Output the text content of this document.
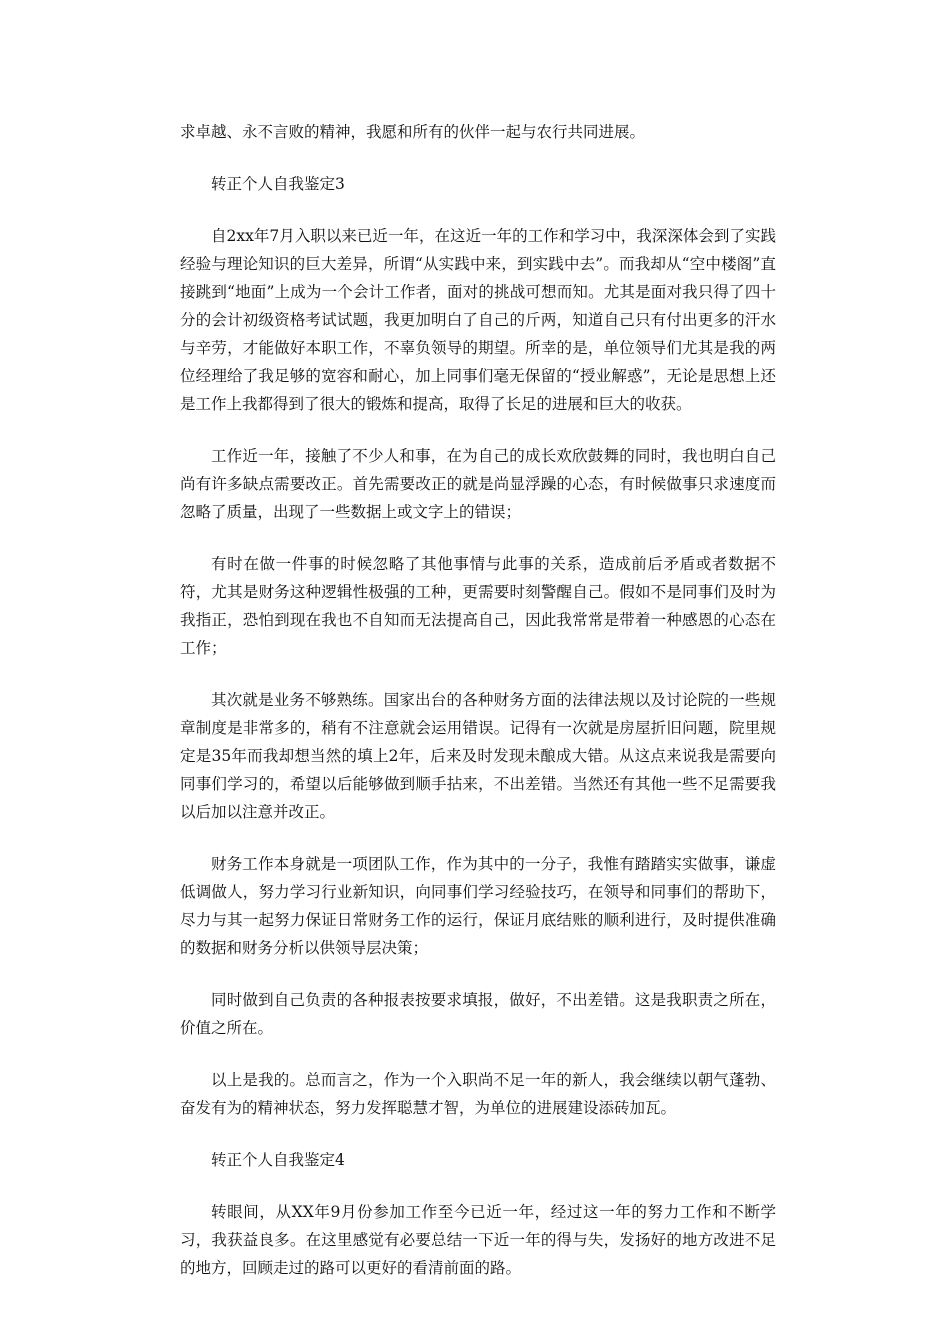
求卓越、永不言败的精神，我愿和所有的伙伴一起与农行共同进展。

转正个人自我鉴定3

自2xx年7月入职以来已近一年，在这近一年的工作和学习中，我深深体会到了实践经验与理论知识的巨大差异，所谓“从实践中来，到实践中去”。而我却从“空中楼阁”直接跳到“地面”上成为一个会计工作者，面对的挑战可想而知。尤其是面对我只得了四十分的会计初级资格考试试题，我更加明白了自己的斤两，知道自己只有付出更多的汗水与辛劳，才能做好本职工作，不辜负领导的期望。所幸的是，单位领导们尤其是我的两位经理给了我足够的宽容和耐心，加上同事们毫无保留的“授业解惑”，无论是思想上还是工作上我都得到了很大的锻炼和提高，取得了长足的进展和巨大的收获。

工作近一年，接触了不少人和事，在为自己的成长欢欣鼓舞的同时，我也明白自己尚有许多缺点需要改正。首先需要改正的就是尚显浮躁的心态，有时候做事只求速度而忽略了质量，出现了一些数据上或文字上的错误；

有时在做一件事的时候忽略了其他事情与此事的关系，造成前后矛盾或者数据不符，尤其是财务这种逻辑性极强的工种，更需要时刻警醒自己。假如不是同事们及时为我指正，恐怕到现在我也不自知而无法提高自己，因此我常常是带着一种感恩的心态在工作；

其次就是业务不够熟练。国家出台的各种财务方面的法律法规以及讨论院的一些规章制度是非常多的，稍有不注意就会运用错误。记得有一次就是房屋折旧问题，院里规定是35年而我却想当然的填上2年，后来及时发现未酿成大错。从这点来说我是需要向同事们学习的，希望以后能够做到顺手拈来，不出差错。当然还有其他一些不足需要我以后加以注意并改正。

财务工作本身就是一项团队工作，作为其中的一分子，我惟有踏踏实实做事，谦虚低调做人，努力学习行业新知识，向同事们学习经验技巧，在领导和同事们的帮助下，尽力与其一起努力保证日常财务工作的运行，保证月底结账的顺利进行，及时提供准确的数据和财务分析以供领导层决策；

同时做到自己负责的各种报表按要求填报，做好，不出差错。这是我职责之所在，价值之所在。

以上是我的。总而言之，作为一个入职尚不足一年的新人，我会继续以朝气蓬勃、奋发有为的精神状态，努力发挥聪慧才智，为单位的进展建设添砖加瓦。

转正个人自我鉴定4

转眼间，从XX年9月份参加工作至今已近一年，经过这一年的努力工作和不断学习，我获益良多。在这里感觉有必要总结一下近一年的得与失，发扬好的地方改进不足的地方，回顾走过的路可以更好的看清前面的路。
